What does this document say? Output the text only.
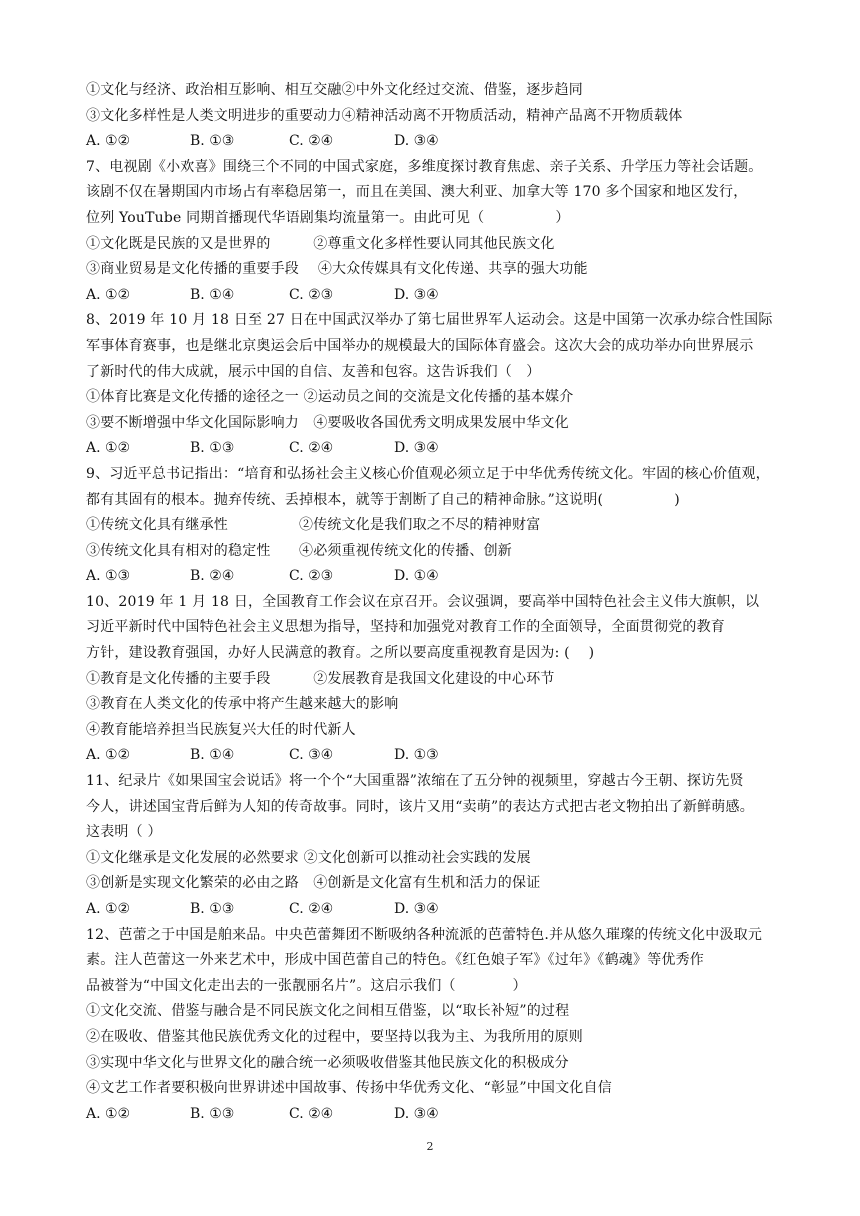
①文化与经济、政治相互影响、相互交融②中外文化经过交流、借鉴，逐步趋同
③文化多样性是人类文明进步的重要动力④精神活动离不开物质活动，精神产品离不开物质载体
A. ①②	B. ①③	C. ②④	D. ③④
7、电视剧《小欢喜》围绕三个不同的中国式家庭，多维度探讨教育焦虑、亲子关系、升学压力等社会话题。
该剧不仅在暑期国内市场占有率稳居第一，而且在美国、澳大利亚、加拿大等 170 多个国家和地区发行，
位列 YouTube 同期首播现代华语剧集均流量第一。由此可见（　　　　　）
①文化既是民族的又是世界的　　　②尊重文化多样性要认同其他民族文化
③商业贸易是文化传播的重要手段　 ④大众传媒具有文化传递、共享的强大功能
A. ①②	B. ①④	C. ②③	D. ③④
8、2019 年 10 月 18 日至 27 日在中国武汉举办了第七届世界军人运动会。这是中国第一次承办综合性国际
军事体育赛事，也是继北京奥运会后中国举办的规模最大的国际体育盛会。这次大会的成功举办向世界展示
了新时代的伟大成就，展示中国的自信、友善和包容。这告诉我们（　）
①体育比赛是文化传播的途径之一 ②运动员之间的交流是文化传播的基本媒介
③要不断增强中华文化国际影响力　④要吸收各国优秀文明成果发展中华文化
A. ①②	B. ①③	C. ②④	D. ③④
9、习近平总书记指出：“培育和弘扬社会主义核心价值观必须立足于中华优秀传统文化。牢固的核心价值观，
都有其固有的根本。抛弃传统、丢掉根本，就等于割断了自己的精神命脉。”这说明(　　　　　)
①传统文化具有继承性　　　　　②传统文化是我们取之不尽的精神财富
③传统文化具有相对的稳定性　　④必须重视传统文化的传播、创新
A. ①③	B. ②④	C. ②③	D. ①④
10、2019 年 1 月 18 日，全国教育工作会议在京召开。会议强调，要高举中国特色社会主义伟大旗帜，以
习近平新时代中国特色社会主义思想为指导，坚持和加强党对教育工作的全面领导，全面贯彻党的教育
方针，建设教育强国，办好人民满意的教育。之所以要高度重视教育是因为: (　 )
①教育是文化传播的主要手段　　　②发展教育是我国文化建设的中心环节
③教育在人类文化的传承中将产生越来越大的影响
④教育能培养担当民族复兴大任的时代新人
A. ①②	B. ①④	C. ③④	D. ①③
11、纪录片《如果国宝会说话》将一个个“大国重器”浓缩在了五分钟的视频里，穿越古今王朝、探访先贤
今人，讲述国宝背后鲜为人知的传奇故事。同时，该片又用“卖萌”的表达方式把古老文物拍出了新鲜萌感。
这表明（ ）
①文化继承是文化发展的必然要求 ②文化创新可以推动社会实践的发展
③创新是实现文化繁荣的必由之路　④创新是文化富有生机和活力的保证
A. ①②	B. ①③	C. ②④	D. ③④
12、芭蕾之于中国是舶来品。中央芭蕾舞团不断吸纳各种流派的芭蕾特色.并从悠久璀璨的传统文化中汲取元
素。注人芭蕾这一外来艺术中，形成中国芭蕾自己的特色。《红色娘子军》《过年》《鹤魂》等优秀作
品被誉为“中国文化走出去的一张靓丽名片”。这启示我们（　　　　）
①文化交流、借鉴与融合是不同民族文化之间相互借鉴，以“取长补短”的过程
②在吸收、借鉴其他民族优秀文化的过程中，要坚持以我为主、为我所用的原则
③实现中华文化与世界文化的融合统一必须吸收借鉴其他民族文化的积极成分
④文艺工作者要积极向世界讲述中国故事、传扬中华优秀文化、“彰显”中国文化自信
A. ①②	B. ①③	C. ②④	D. ③④
2
